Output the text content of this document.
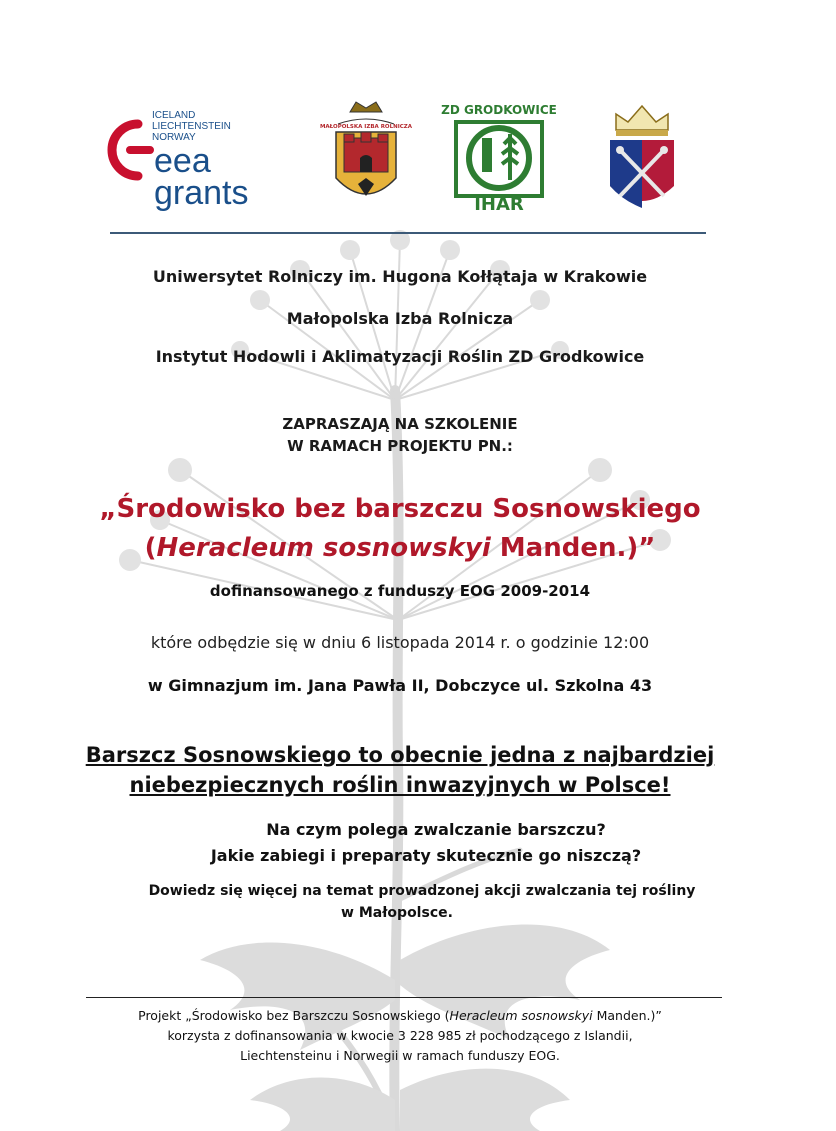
ICELAND
LIECHTENSTEIN
NORWAY
eea
grants
MAŁOPOLSKA IZBA ROLNICZA
ZD GRODKOWICE
IHAR
Uniwersytet Rolniczy im. Hugona Kołłątaja w Krakowie
Małopolska Izba Rolnicza
Instytut Hodowli i Aklimatyzacji Roślin ZD Grodkowice
ZAPRASZAJĄ NA SZKOLENIE
W RAMACH PROJEKTU PN.:
„Środowisko bez barszczu Sosnowskiego
(Heracleum sosnowskyi Manden.)”
dofinansowanego z funduszy EOG 2009-2014
które odbędzie się w dniu 6 listopada 2014 r. o godzinie 12:00
w Gimnazjum im. Jana Pawła II, Dobczyce ul. Szkolna 43
Barszcz Sosnowskiego to obecnie jedna z najbardziej
niebezpiecznych roślin inwazyjnych w Polsce!
Na czym polega zwalczanie barszczu?
Jakie zabiegi i preparaty skutecznie go niszczą?
Dowiedz się więcej na temat prowadzonej akcji zwalczania tej rośliny
w Małopolsce.
Projekt „Środowisko bez Barszczu Sosnowskiego (Heracleum sosnowskyi Manden.)”
korzysta z dofinansowania w kwocie 3 228 985 zł pochodzącego z Islandii,
Liechtensteinu i Norwegii w ramach funduszy EOG.
